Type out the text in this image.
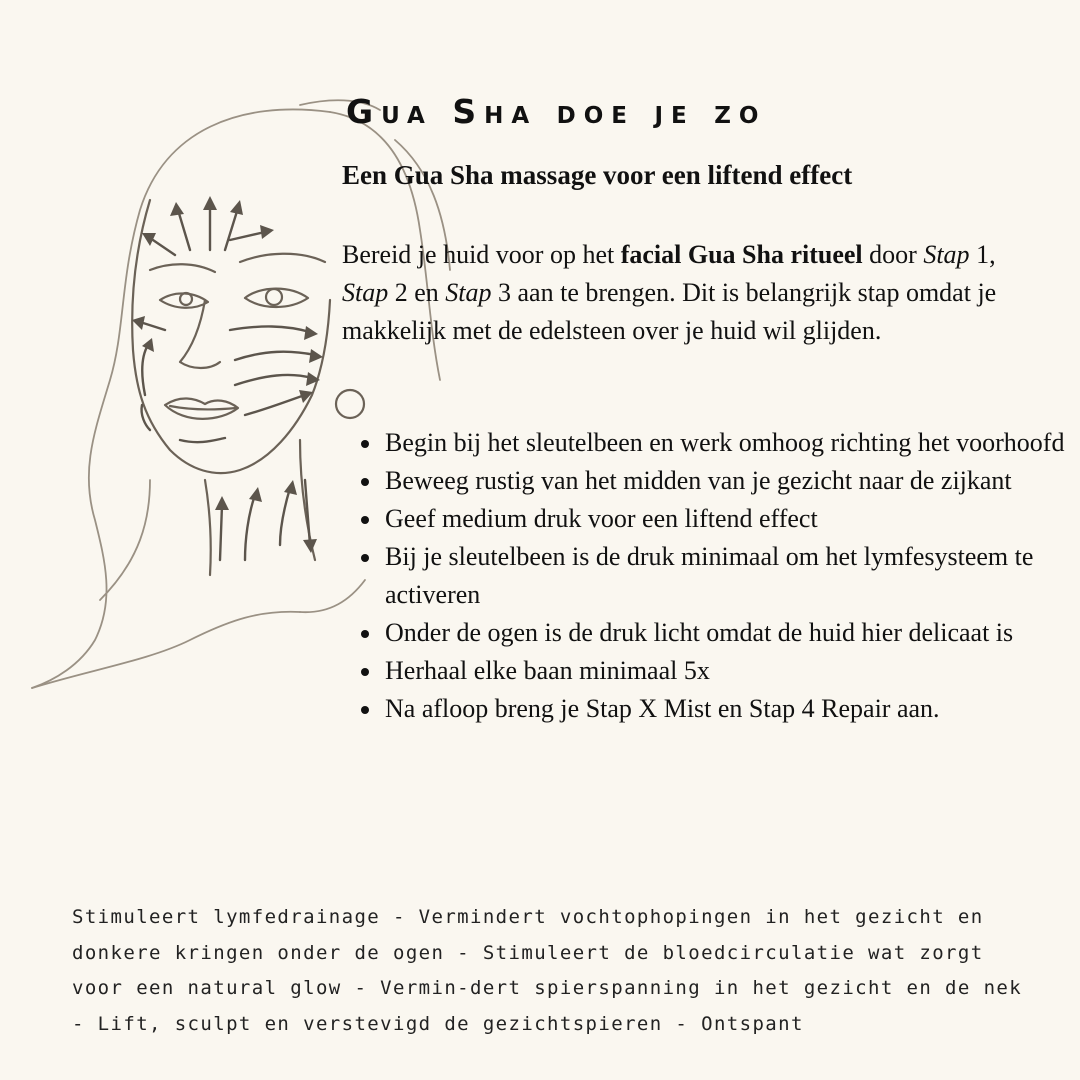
Gua Sha doe je zo
Een Gua Sha massage voor een liftend effect
Bereid je huid voor op het facial Gua Sha ritueel door Stap 1, Stap 2 en Stap 3 aan te brengen. Dit is belangrijk stap omdat je makkelijk met de edelsteen over je huid wil glijden.
Begin bij het sleutelbeen en werk omhoog richting het voorhoofd
Beweeg rustig van het midden van je gezicht naar de zijkant
Geef medium druk voor een liftend effect
Bij je sleutelbeen is de druk minimaal om het lymfesysteem te activeren
Onder de ogen is de druk licht omdat de huid hier delicaat is
Herhaal elke baan minimaal 5x
Na afloop breng je Stap X Mist en Stap 4 Repair aan.
Stimuleert lymfedrainage - Vermindert vochtophopingen in het gezicht en donkere kringen onder de ogen - Stimuleert de bloedcirculatie wat zorgt voor een natural glow - Vermin-dert spierspanning in het gezicht en de nek - Lift, sculpt en verstevigd de gezichtspieren - Ontspant
